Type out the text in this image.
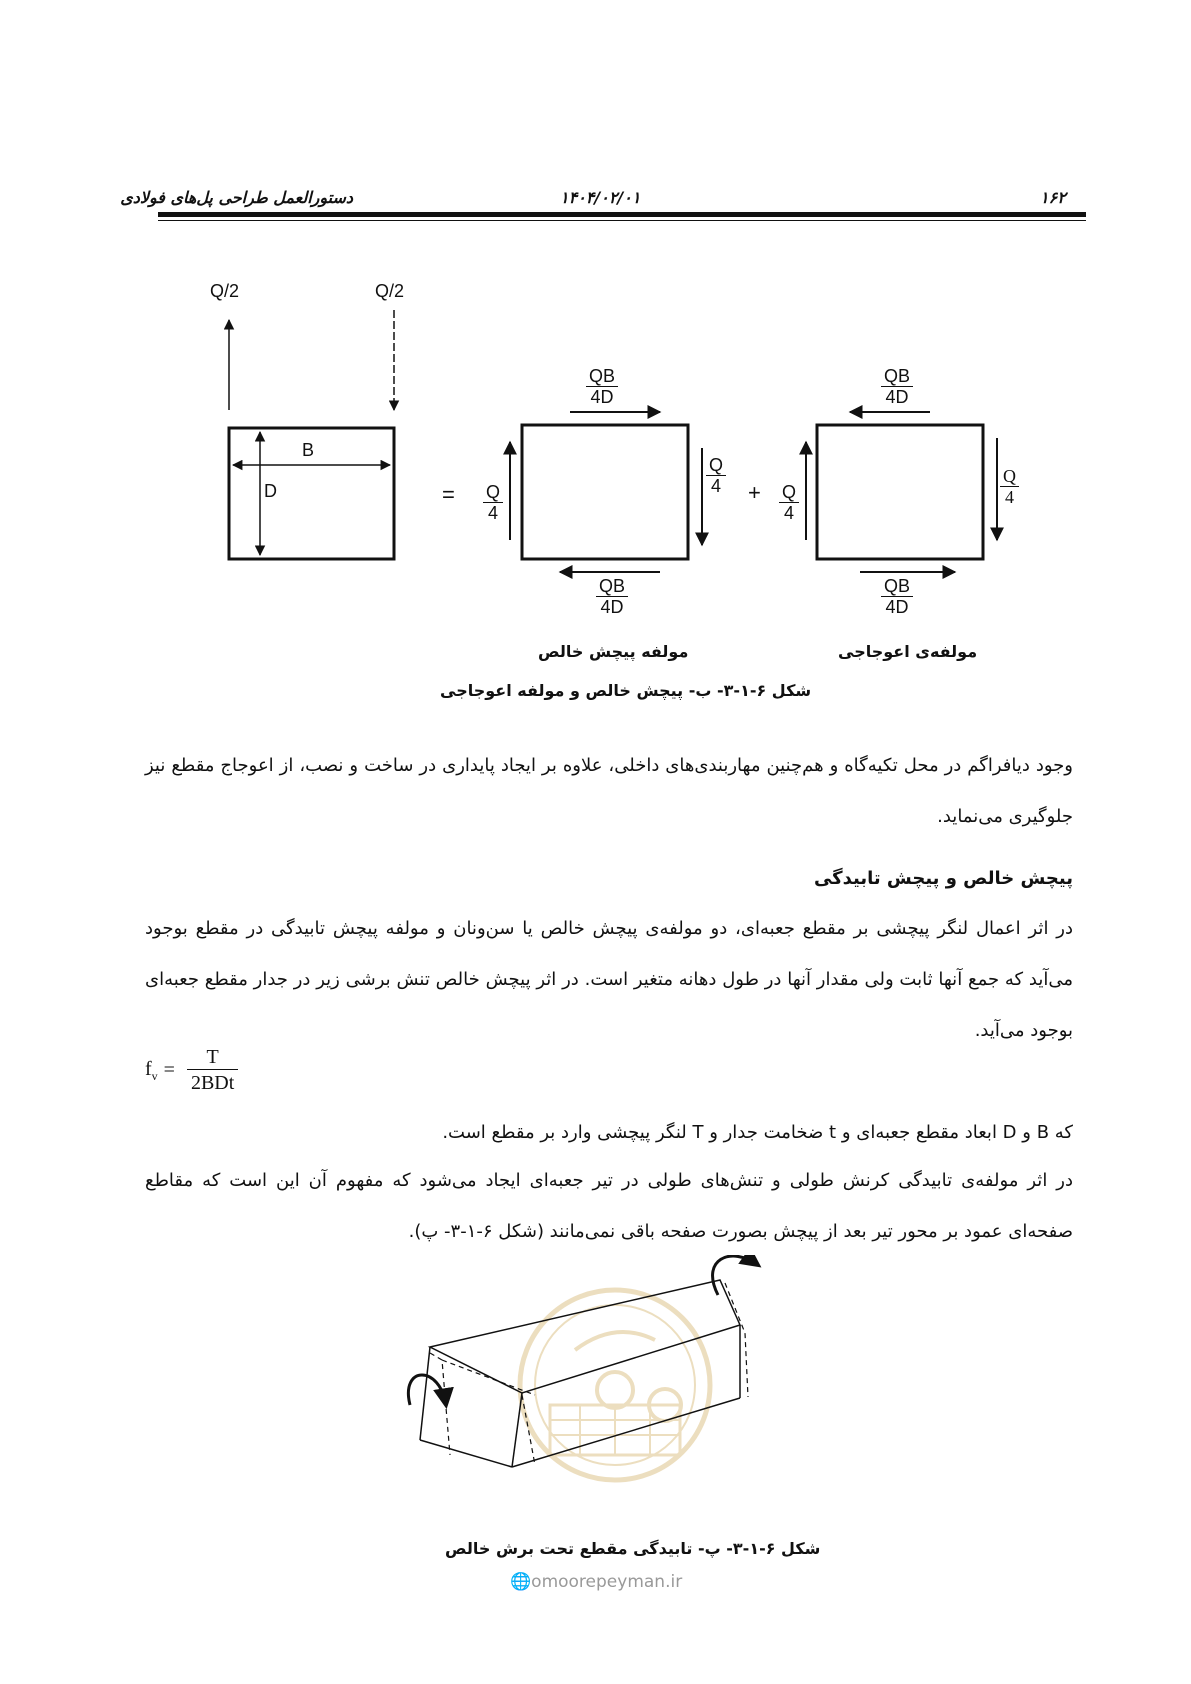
دستورالعمل طراحی پل‌های فولادی	۱۴۰۴/۰۲/۰۱	۱۶۲
Q/2	Q/2
B
D	=	+
$\frac{QB}{4D}$
$\frac{QB}{4D}$
$\frac{Q}{4}$
$\frac{Q}{4}$
$\frac{QB}{4D}$
$\frac{QB}{4D}$
$\frac{Q}{4}$	$\frac{Q}{4}$
مولفه پیچش خالص	مولفه‌ی اعوجاجی
شکل ۶-۱-۳- ب- پیچش خالص و مولفه اعوجاجی
وجود دیافراگم در محل تکیه‌گاه و هم‌چنین مهاربندی‌های داخلی، علاوه بر ایجاد پایداری در ساخت و نصب، از اعوجاج مقطع نیز جلوگیری می‌نماید.
پیچش خالص و پیچش تابیدگی
در اثر اعمال لنگر پیچشی بر مقطع جعبه‌ای، دو مولفه‌ی پیچش خالص یا سن‌ونان و مولفه پیچش تابیدگی در مقطع بوجود می‌آید که جمع آنها ثابت ولی مقدار آنها در طول دهانه متغیر است. در اثر پیچش خالص تنش برشی زیر در جدار مقطع جعبه‌ای بوجود می‌آید.
$f_v = \frac{T}{\text{2BDt}}$
که B و D ابعاد مقطع جعبه‌ای و t ضخامت جدار و T لنگر پیچشی وارد بر مقطع است.
در اثر مولفه‌ی تابیدگی کرنش طولی و تنش‌های طولی در تیر جعبه‌ای ایجاد می‌شود که مفهوم آن این است که مقاطع صفحه‌ای عمود بر محور تیر بعد از پیچش بصورت صفحه باقی نمی‌مانند (شکل ۶-۱-۳- پ).
شکل ۶-۱-۳- پ- تابیدگی مقطع تحت برش خالص
🌐omoorepeyman.ir
